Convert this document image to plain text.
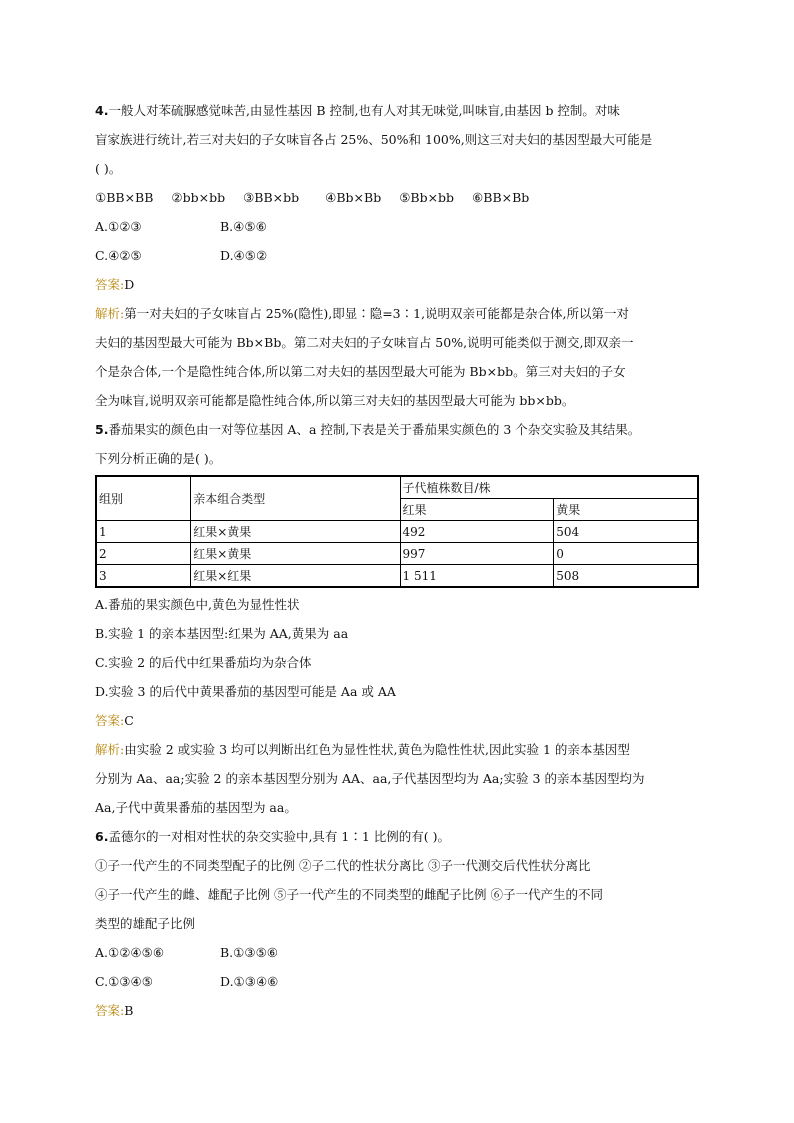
4.一般人对苯硫脲感觉味苦,由显性基因 B 控制,也有人对其无味觉,叫味盲,由基因 b 控制。对味
盲家族进行统计,若三对夫妇的子女味盲各占 25%、50%和 100%,则这三对夫妇的基因型最大可能是
( )。
①BB×BB ②bb×bb ③BB×bb ④Bb×Bb ⑤Bb×bb ⑥BB×Bb
A.①②③	B.④⑤⑥
C.④②⑤	D.④⑤②
答案:D
解析:第一对夫妇的子女味盲占 25%(隐性),即显∶隐=3∶1,说明双亲可能都是杂合体,所以第一对
夫妇的基因型最大可能为 Bb×Bb。第二对夫妇的子女味盲占 50%,说明可能类似于测交,即双亲一
个是杂合体,一个是隐性纯合体,所以第二对夫妇的基因型最大可能为 Bb×bb。第三对夫妇的子女
全为味盲,说明双亲可能都是隐性纯合体,所以第三对夫妇的基因型最大可能为 bb×bb。
5.番茄果实的颜色由一对等位基因 A、a 控制,下表是关于番茄果实颜色的 3 个杂交实验及其结果。
下列分析正确的是( )。
组别	亲本组合类型	子代植株数目/株	
		红果	黄果
1	红果×黄果	492	504
2	红果×黄果	997	0
3	红果×红果	1 511	508
A.番茄的果实颜色中,黄色为显性性状
B.实验 1 的亲本基因型:红果为 AA,黄果为 aa
C.实验 2 的后代中红果番茄均为杂合体
D.实验 3 的后代中黄果番茄的基因型可能是 Aa 或 AA
答案:C
解析:由实验 2 或实验 3 均可以判断出红色为显性性状,黄色为隐性性状,因此实验 1 的亲本基因型
分别为 Aa、aa;实验 2 的亲本基因型分别为 AA、aa,子代基因型均为 Aa;实验 3 的亲本基因型均为
Aa,子代中黄果番茄的基因型为 aa。
6.孟德尔的一对相对性状的杂交实验中,具有 1∶1 比例的有( )。
①子一代产生的不同类型配子的比例 ②子二代的性状分离比 ③子一代测交后代性状分离比
④子一代产生的雌、雄配子比例 ⑤子一代产生的不同类型的雌配子比例 ⑥子一代产生的不同
类型的雄配子比例
A.①②④⑤⑥	B.①③⑤⑥
C.①③④⑤	D.①③④⑥
答案:B
